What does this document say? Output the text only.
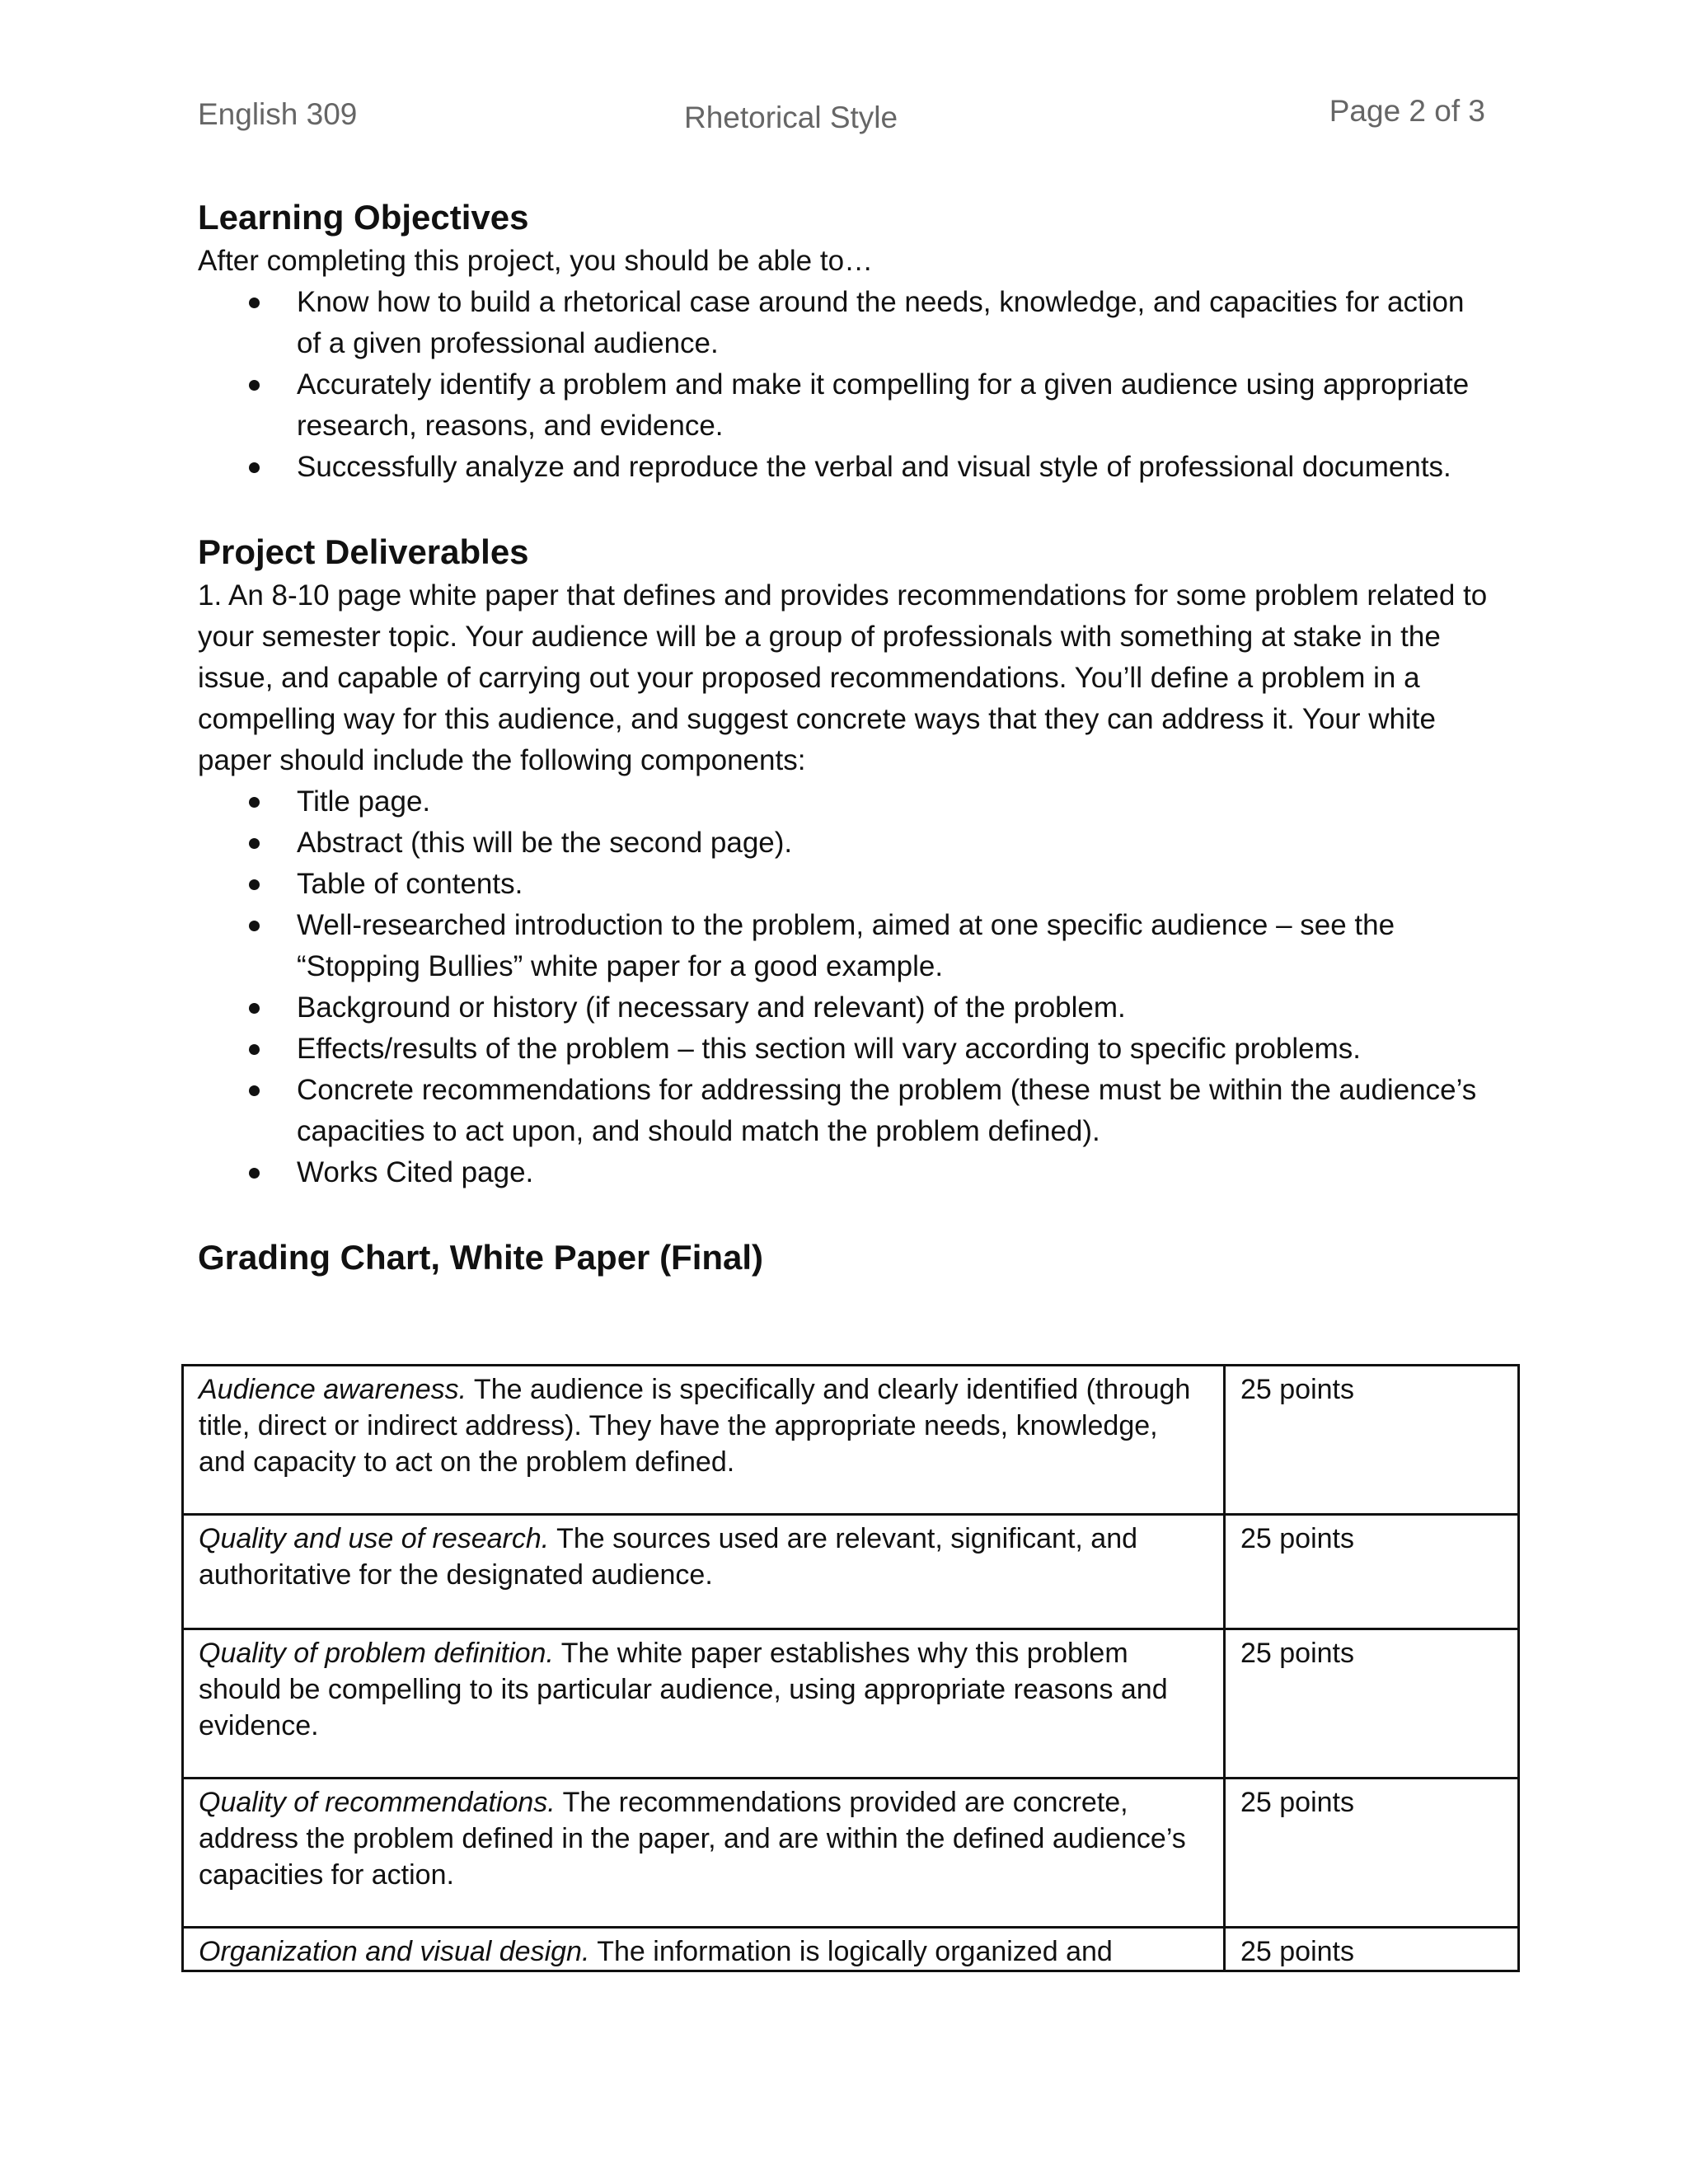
English 309	Rhetorical Style	Page 2 of 3
Learning Objectives

After completing this project, you should be able to…

Know how to build a rhetorical case around the needs, knowledge, and capacities for action of a given professional audience.
Accurately identify a problem and make it compelling for a given audience using appropriate research, reasons, and evidence.
Successfully analyze and reproduce the verbal and visual style of professional documents.
Project Deliverables

1. An 8-10 page white paper that defines and provides recommendations for some problem related to your semester topic. Your audience will be a group of professionals with something at stake in the issue, and capable of carrying out your proposed recommendations. You’ll define a problem in a compelling way for this audience, and suggest concrete ways that they can address it. Your white paper should include the following components:

Title page.
Abstract (this will be the second page).
Table of contents.
Well-researched introduction to the problem, aimed at one specific audience – see the “Stopping Bullies” white paper for a good example.
Background or history (if necessary and relevant) of the problem.
Effects/results of the problem – this section will vary according to specific problems.
Concrete recommendations for addressing the problem (these must be within the audience’s capacities to act upon, and should match the problem defined).
Works Cited page.
Grading Chart, White Paper (Final)
Audience awareness. The audience is specifically and clearly identified (through title, direct or indirect address). They have the appropriate needs, knowledge, and capacity to act on the problem defined.	25 points
Quality and use of research. The sources used are relevant, significant, and authoritative for the designated audience.	25 points
Quality of problem definition. The white paper establishes why this problem should be compelling to its particular audience, using appropriate reasons and evidence.	25 points
Quality of recommendations. The recommendations provided are concrete, address the problem defined in the paper, and are within the defined audience’s capacities for action.	25 points
Organization and visual design. The information is logically organized and	25 points
